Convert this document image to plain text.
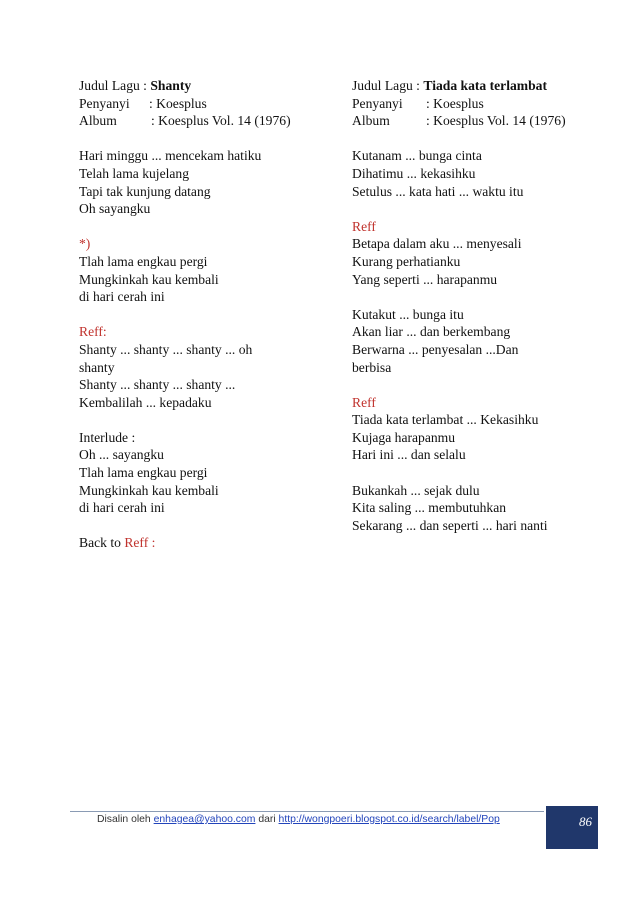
Judul Lagu : Shanty
Penyanyi : Koesplus
Album	: Koesplus Vol. 14 (1976)
Hari minggu ... mencekam hatiku
Telah lama kujelang
Tapi tak kunjung datang
Oh sayangku
*)
Tlah lama engkau pergi
Mungkinkah kau kembali
di hari cerah ini
Reff:
Shanty ... shanty ... shanty ... oh
shanty
Shanty ... shanty ... shanty ...
Kembalilah ... kepadaku
Interlude :
Oh ... sayangku
Tlah lama engkau pergi
Mungkinkah kau kembali
di hari cerah ini
Back to Reff :
Judul Lagu : Tiada kata terlambat
Penyanyi : Koesplus
Album	: Koesplus Vol. 14 (1976)
Kutanam ... bunga cinta
Dihatimu ... kekasihku
Setulus ... kata hati ... waktu itu
Reff
Betapa dalam aku ... menyesali
Kurang perhatianku
Yang seperti ... harapanmu
Kutakut ... bunga itu
Akan liar ... dan berkembang
Berwarna ... penyesalan ...Dan
berbisa
Reff
Tiada kata terlambat ... Kekasihku
Kujaga harapanmu
Hari ini ... dan selalu
Bukankah ... sejak dulu
Kita saling ... membutuhkan
Sekarang ... dan seperti ... hari nanti
Disalin oleh enhagea@yahoo.com dari http://wongpoeri.blogspot.co.id/search/label/Pop	86
